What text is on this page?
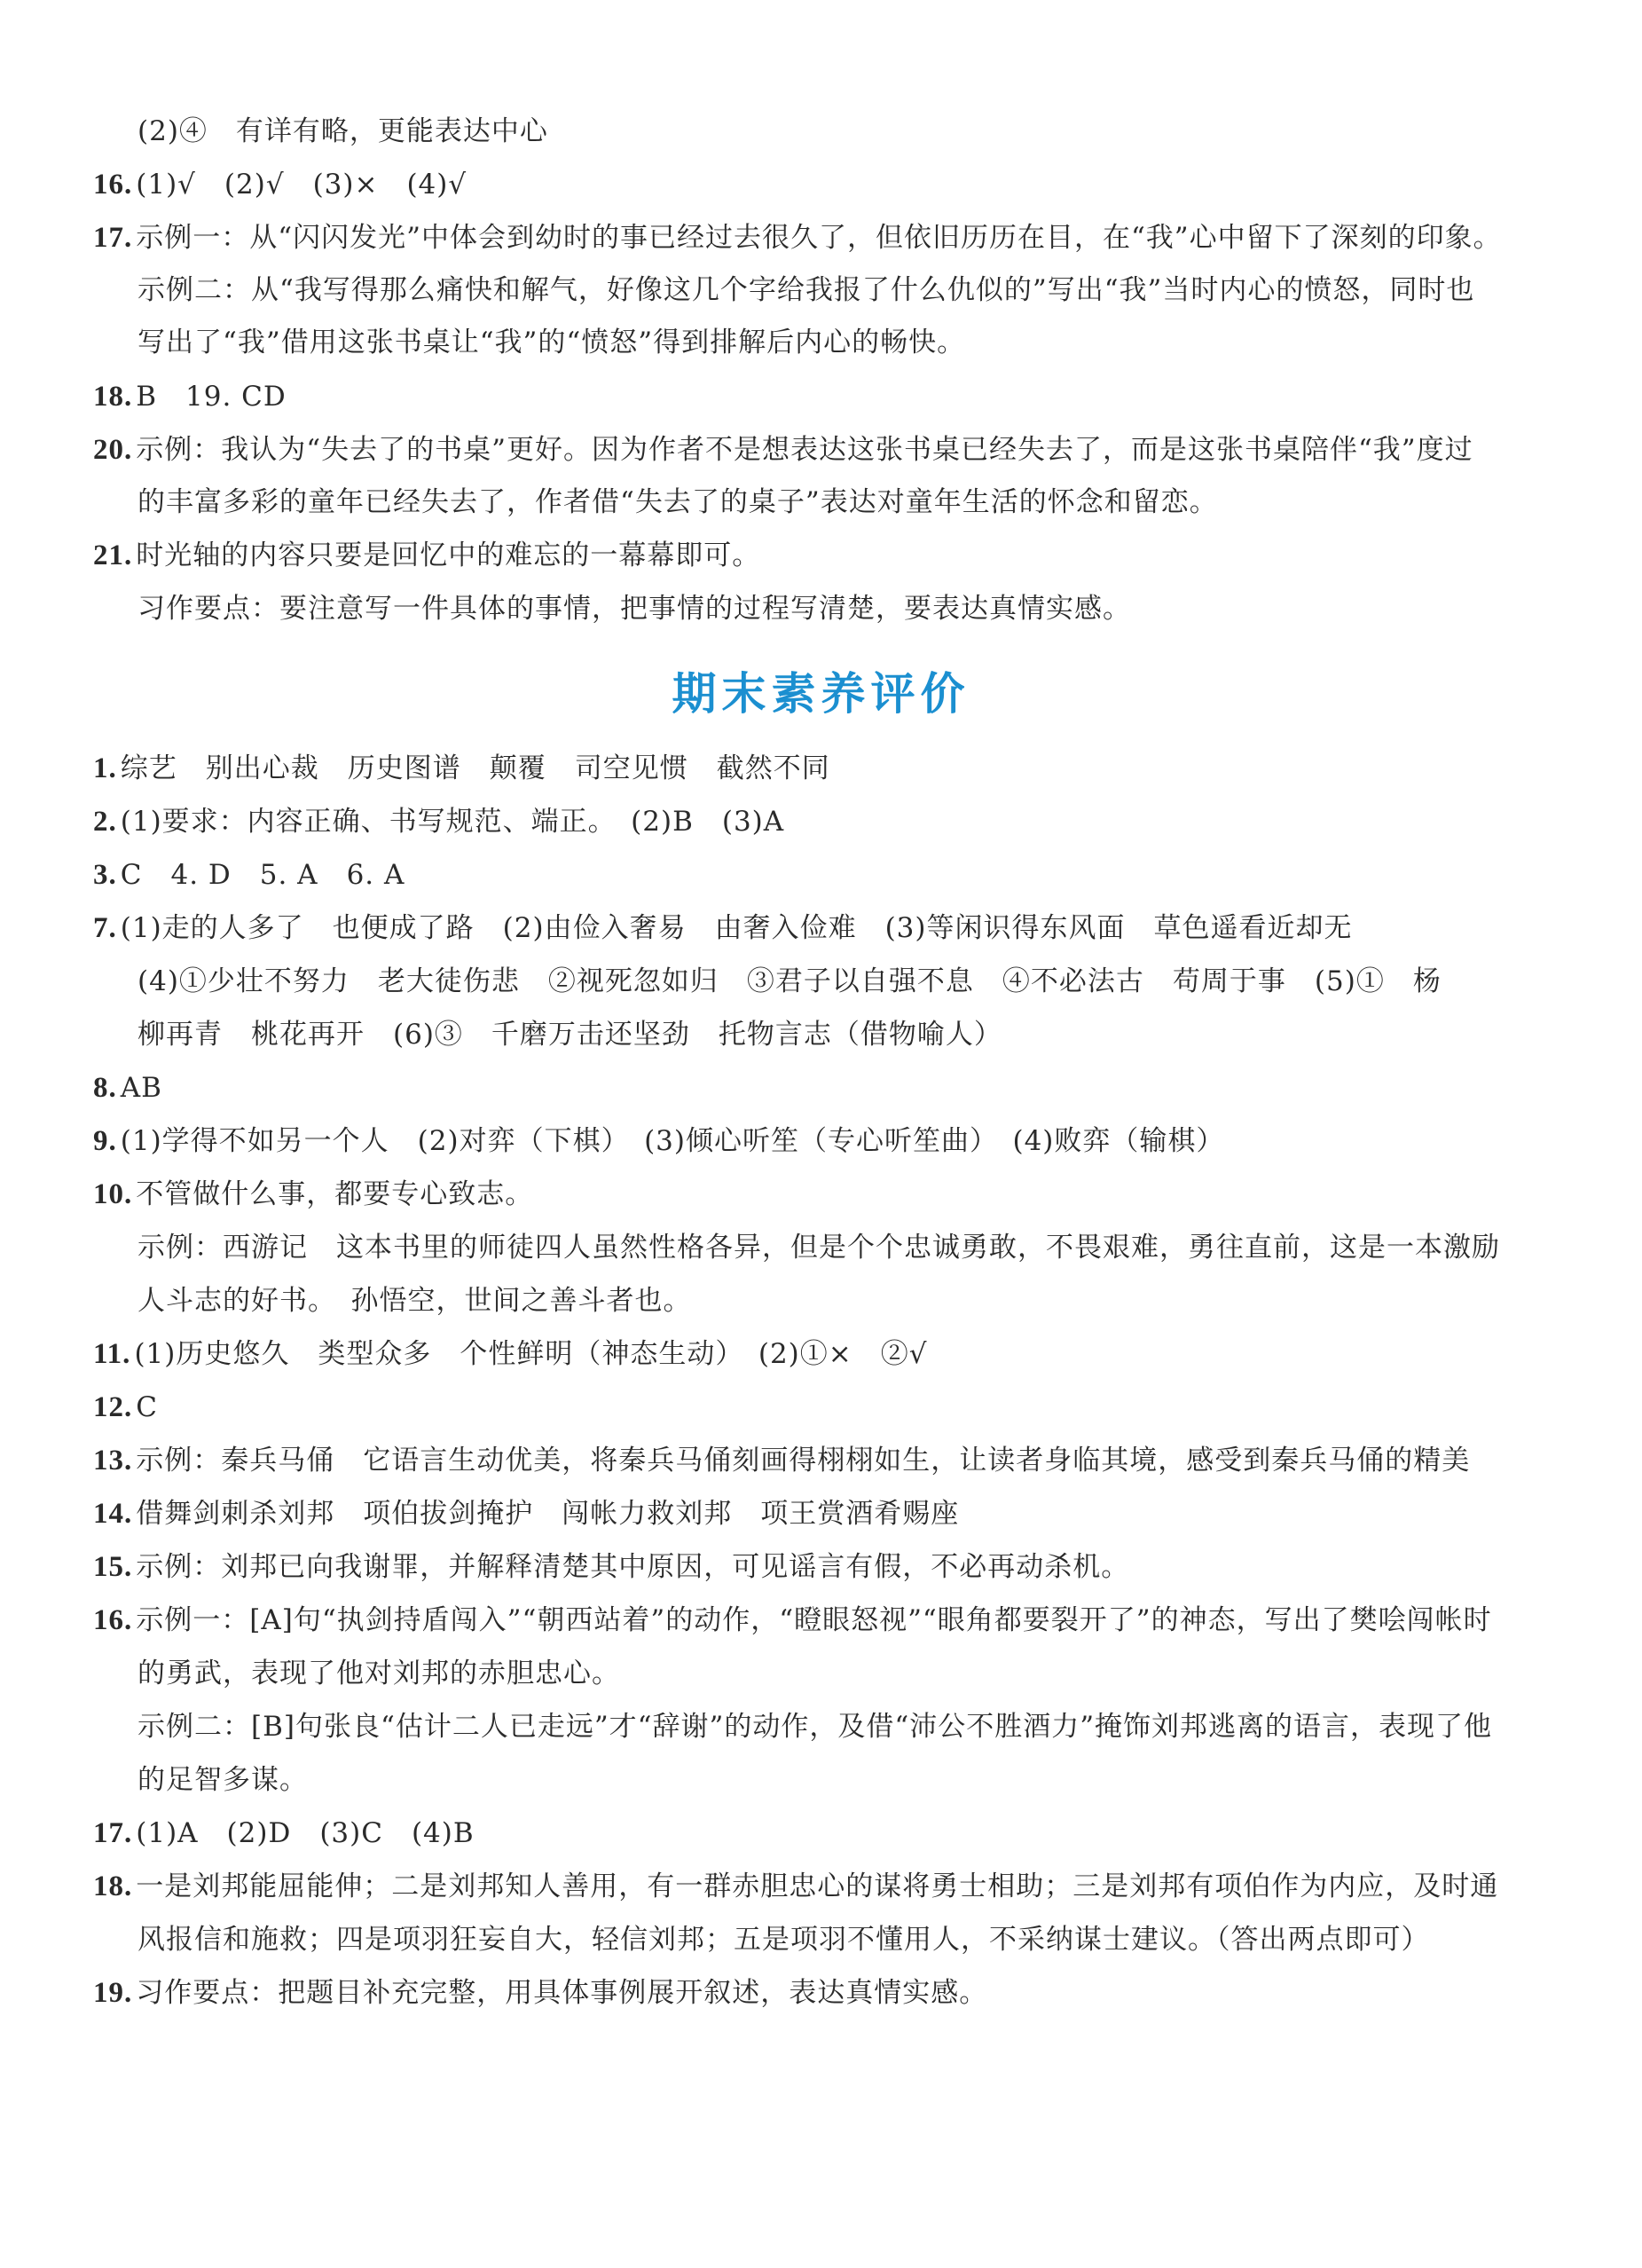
(2)④　有详有略，更能表达中心
16. (1)√　(2)√　(3)×　(4)√
17. 示例一：从“闪闪发光”中体会到幼时的事已经过去很久了，但依旧历历在目，在“我”心中留下了深刻的印象。
示例二：从“我写得那么痛快和解气，好像这几个字给我报了什么仇似的”写出“我”当时内心的愤怒，同时也
写出了“我”借用这张书桌让“我”的“愤怒”得到排解后内心的畅快。
18. B　19. CD
20. 示例：我认为“失去了的书桌”更好。因为作者不是想表达这张书桌已经失去了，而是这张书桌陪伴“我”度过
的丰富多彩的童年已经失去了，作者借“失去了的桌子”表达对童年生活的怀念和留恋。
21. 时光轴的内容只要是回忆中的难忘的一幕幕即可。
习作要点：要注意写一件具体的事情，把事情的过程写清楚，要表达真情实感。
期末素养评价
1. 综艺　别出心裁　历史图谱　颠覆　司空见惯　截然不同
2. (1)要求：内容正确、书写规范、端正。　(2)B　(3)A
3. C　4. D　5. A　6. A
7. (1)走的人多了　也便成了路　(2)由俭入奢易　由奢入俭难　(3)等闲识得东风面　草色遥看近却无
(4)①少壮不努力　老大徒伤悲　②视死忽如归　③君子以自强不息　④不必法古　苟周于事　(5)①　杨
柳再青　桃花再开　(6)③　千磨万击还坚劲　托物言志（借物喻人）
8. AB
9. (1)学得不如另一个人　(2)对弈（下棋）　(3)倾心听笙（专心听笙曲）　(4)败弈（输棋）
10. 不管做什么事，都要专心致志。
示例：西游记　这本书里的师徒四人虽然性格各异，但是个个忠诚勇敢，不畏艰难，勇往直前，这是一本激励
人斗志的好书。　孙悟空，世间之善斗者也。
11. (1)历史悠久　类型众多　个性鲜明（神态生动）　(2)①×　②√
12. C
13. 示例：秦兵马俑　它语言生动优美，将秦兵马俑刻画得栩栩如生，让读者身临其境，感受到秦兵马俑的精美
14. 借舞剑刺杀刘邦　项伯拔剑掩护　闯帐力救刘邦　项王赏酒肴赐座
15. 示例：刘邦已向我谢罪，并解释清楚其中原因，可见谣言有假，不必再动杀机。
16. 示例一：[A]句“执剑持盾闯入”“朝西站着”的动作，“瞪眼怒视”“眼角都要裂开了”的神态，写出了樊哙闯帐时
的勇武，表现了他对刘邦的赤胆忠心。
示例二：[B]句张良“估计二人已走远”才“辞谢”的动作，及借“沛公不胜酒力”掩饰刘邦逃离的语言，表现了他
的足智多谋。
17. (1)A　(2)D　(3)C　(4)B
18. 一是刘邦能屈能伸；二是刘邦知人善用，有一群赤胆忠心的谋将勇士相助；三是刘邦有项伯作为内应，及时通
风报信和施救；四是项羽狂妄自大，轻信刘邦；五是项羽不懂用人，不采纳谋士建议。（答出两点即可）
19. 习作要点：把题目补充完整，用具体事例展开叙述，表达真情实感。
